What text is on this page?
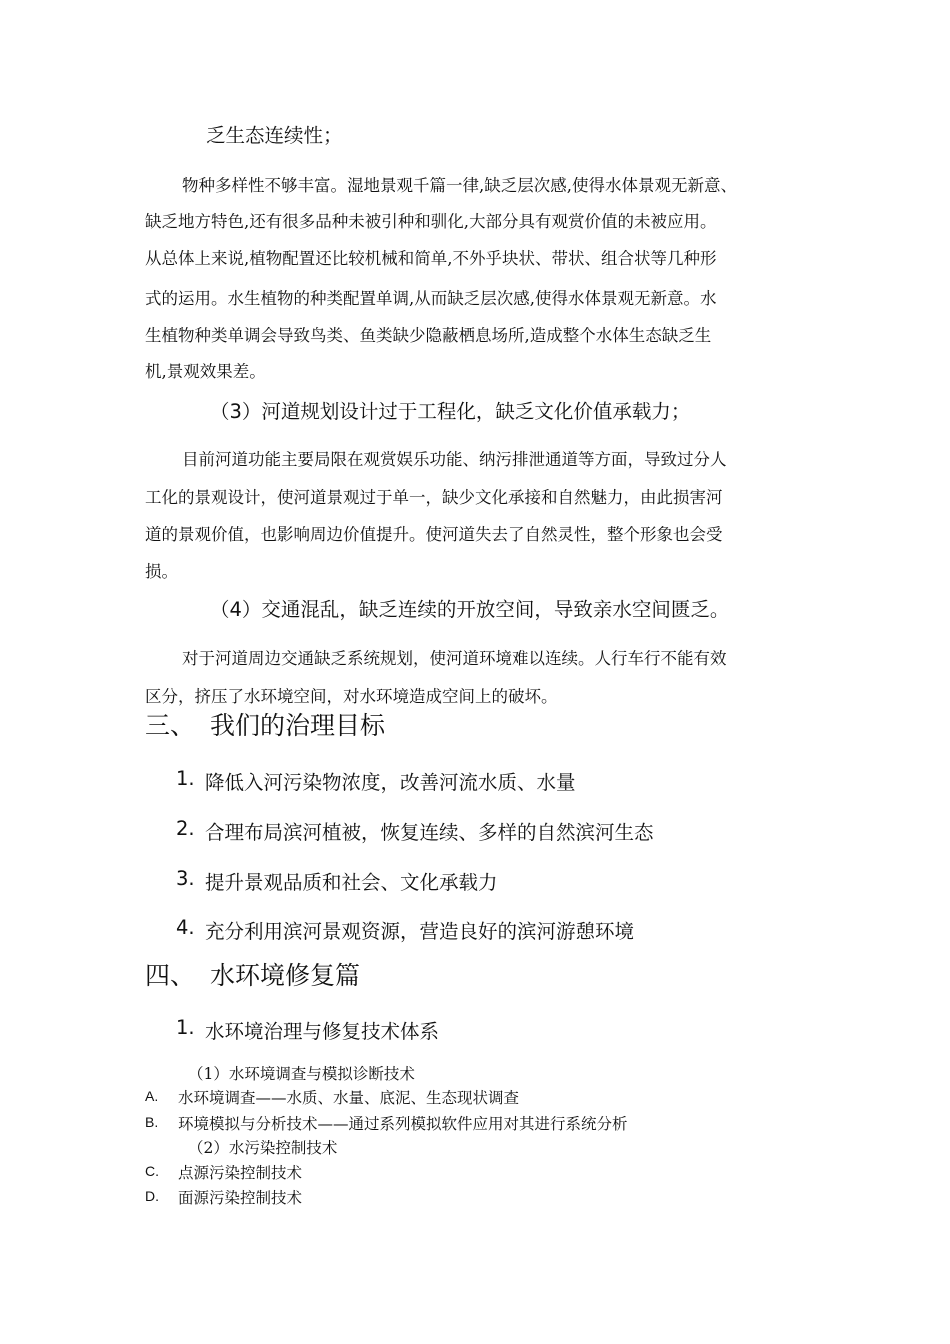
乏生态连续性；
物种多样性不够丰富。湿地景观千篇一律,缺乏层次感,使得水体景观无新意、
缺乏地方特色,还有很多品种未被引种和驯化,大部分具有观赏价值的未被应用。
从总体上来说,植物配置还比较机械和简单,不外乎块状、带状、组合状等几种形
式的运用。水生植物的种类配置单调,从而缺乏层次感,使得水体景观无新意。水
生植物种类单调会导致鸟类、鱼类缺少隐蔽栖息场所,造成整个水体生态缺乏生
机,景观效果差。
（3）河道规划设计过于工程化，缺乏文化价值承载力；
目前河道功能主要局限在观赏娱乐功能、纳污排泄通道等方面，导致过分人
工化的景观设计，使河道景观过于单一，缺少文化承接和自然魅力，由此损害河
道的景观价值，也影响周边价值提升。使河道失去了自然灵性，整个形象也会受
损。
（4）交通混乱，缺乏连续的开放空间，导致亲水空间匮乏。
对于河道周边交通缺乏系统规划，使河道环境难以连续。人行车行不能有效
区分，挤压了水环境空间，对水环境造成空间上的破坏。
三、 我们的治理目标
1. 降低入河污染物浓度，改善河流水质、水量
2. 合理布局滨河植被，恢复连续、多样的自然滨河生态
3. 提升景观品质和社会、文化承载力
4. 充分利用滨河景观资源，营造良好的滨河游憩环境
四、 水环境修复篇
1. 水环境治理与修复技术体系
（1）水环境调查与模拟诊断技术
A. 水环境调查——水质、水量、底泥、生态现状调查
B. 环境模拟与分析技术——通过系列模拟软件应用对其进行系统分析
（2）水污染控制技术
C. 点源污染控制技术
D. 面源污染控制技术
